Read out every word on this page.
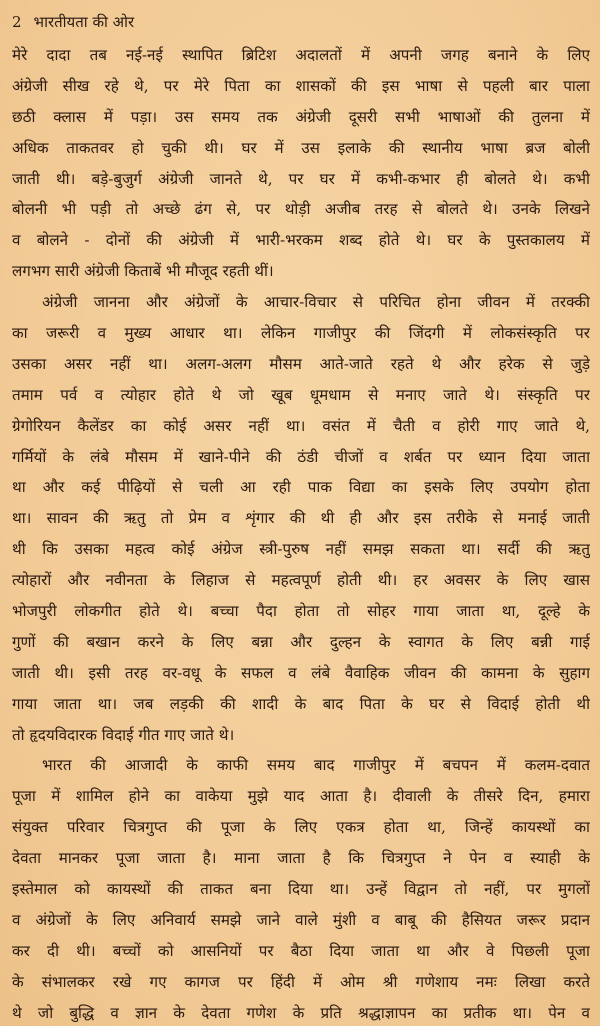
2 भारतीयता की ओर
मेरे दादा तब नई-नई स्थापित ब्रिटिश अदालतों में अपनी जगह बनाने के लिए
अंग्रेजी सीख रहे थे, पर मेरे पिता का शासकों की इस भाषा से पहली बार पाला
छठी क्लास में पड़ा। उस समय तक अंग्रेजी दूसरी सभी भाषाओं की तुलना में
अधिक ताकतवर हो चुकी थी। घर में उस इलाके की स्थानीय भाषा ब्रज बोली
जाती थी। बड़े-बुजुर्ग अंग्रेजी जानते थे, पर घर में कभी-कभार ही बोलते थे। कभी
बोलनी भी पड़ी तो अच्छे ढंग से, पर थोड़ी अजीब तरह से बोलते थे। उनके लिखने
व बोलने - दोनों की अंग्रेजी में भारी-भरकम शब्द होते थे। घर के पुस्तकालय में
लगभग सारी अंग्रेजी किताबें भी मौजूद रहती थीं।
अंग्रेजी जानना और अंग्रेजों के आचार-विचार से परिचित होना जीवन में तरक्की
का जरूरी व मुख्य आधार था। लेकिन गाजीपुर की जिंदगी में लोकसंस्कृति पर
उसका असर नहीं था। अलग-अलग मौसम आते-जाते रहते थे और हरेक से जुड़े
तमाम पर्व व त्योहार होते थे जो खूब धूमधाम से मनाए जाते थे। संस्कृति पर
ग्रेगोरियन कैलेंडर का कोई असर नहीं था। वसंत में चैती व होरी गाए जाते थे,
गर्मियों के लंबे मौसम में खाने-पीने की ठंडी चीजों व शर्बत पर ध्यान दिया जाता
था और कई पीढ़ियों से चली आ रही पाक विद्या का इसके लिए उपयोग होता
था। सावन की ऋतु तो प्रेम व शृंगार की थी ही और इस तरीके से मनाई जाती
थी कि उसका महत्व कोई अंग्रेज स्त्री-पुरुष नहीं समझ सकता था। सर्दी की ऋतु
त्योहारों और नवीनता के लिहाज से महत्वपूर्ण होती थी। हर अवसर के लिए खास
भोजपुरी लोकगीत होते थे। बच्चा पैदा होता तो सोहर गाया जाता था, दूल्हे के
गुणों की बखान करने के लिए बन्ना और दुल्हन के स्वागत के लिए बन्नी गाई
जाती थी। इसी तरह वर-वधू के सफल व लंबे वैवाहिक जीवन की कामना के सुहाग
गाया जाता था। जब लड़की की शादी के बाद पिता के घर से विदाई होती थी
तो हृदयविदारक विदाई गीत गाए जाते थे।
भारत की आजादी के काफी समय बाद गाजीपुर में बचपन में कलम-दवात
पूजा में शामिल होने का वाकेया मुझे याद आता है। दीवाली के तीसरे दिन, हमारा
संयुक्त परिवार चित्रगुप्त की पूजा के लिए एकत्र होता था, जिन्हें कायस्थों का
देवता मानकर पूजा जाता है। माना जाता है कि चित्रगुप्त ने पेन व स्याही के
इस्तेमाल को कायस्थों की ताकत बना दिया था। उन्हें विद्वान तो नहीं, पर मुगलों
व अंग्रेजों के लिए अनिवार्य समझे जाने वाले मुंशी व बाबू की हैसियत जरूर प्रदान
कर दी थी। बच्चों को आसनियों पर बैठा दिया जाता था और वे पिछली पूजा
के संभालकर रखे गए कागज पर हिंदी में ओम श्री गणेशाय नमः लिखा करते
थे जो बुद्धि व ज्ञान के देवता गणेश के प्रति श्रद्धाज्ञापन का प्रतीक था। पेन व
